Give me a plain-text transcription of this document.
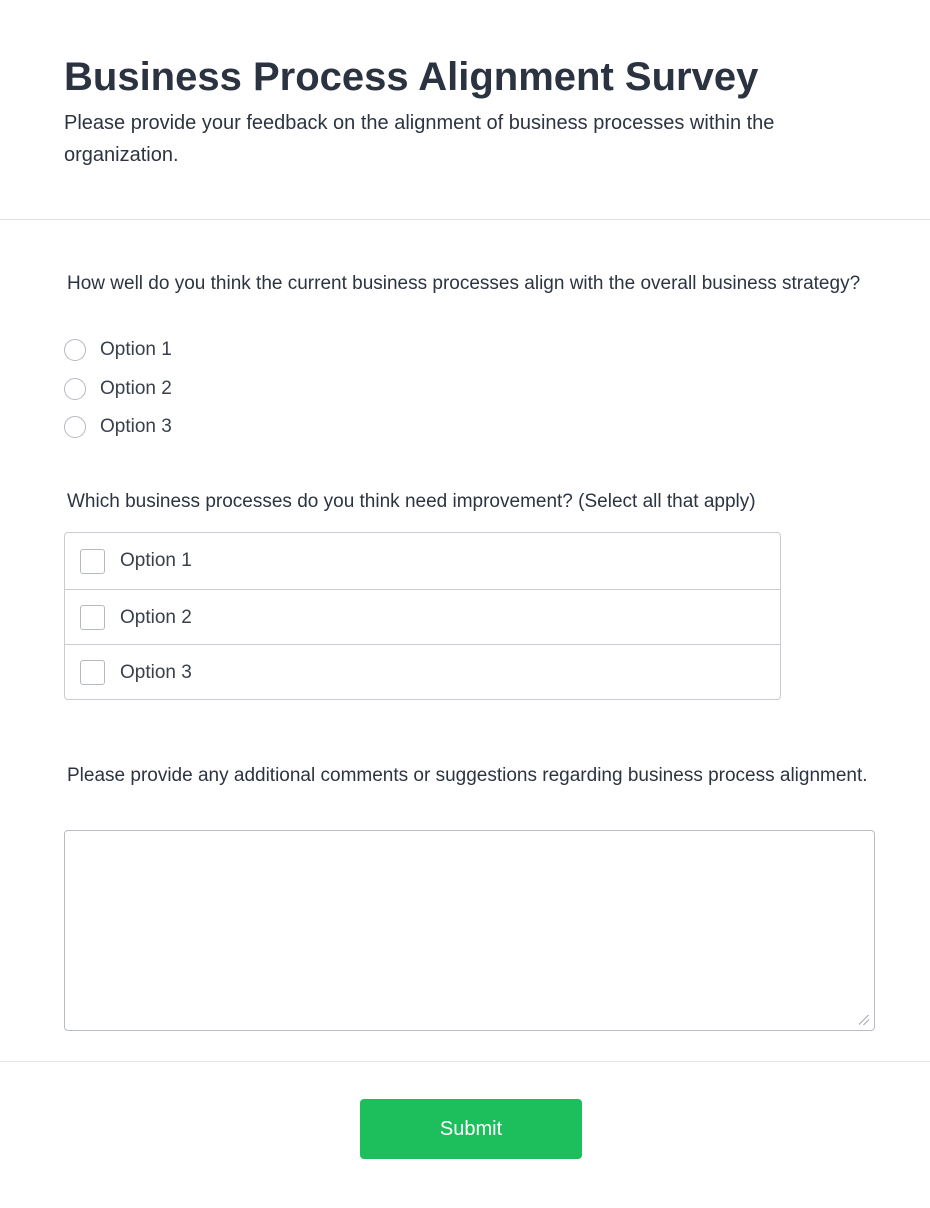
Business Process Alignment Survey

Please provide your feedback on the alignment of business processes within the organization.

How well do you think the current business processes align with the overall business strategy?

Option 1
Option 2
Option 3

Which business processes do you think need improvement? (Select all that apply)

Option 1
Option 2
Option 3

Please provide any additional comments or suggestions regarding business process alignment.

Submit
